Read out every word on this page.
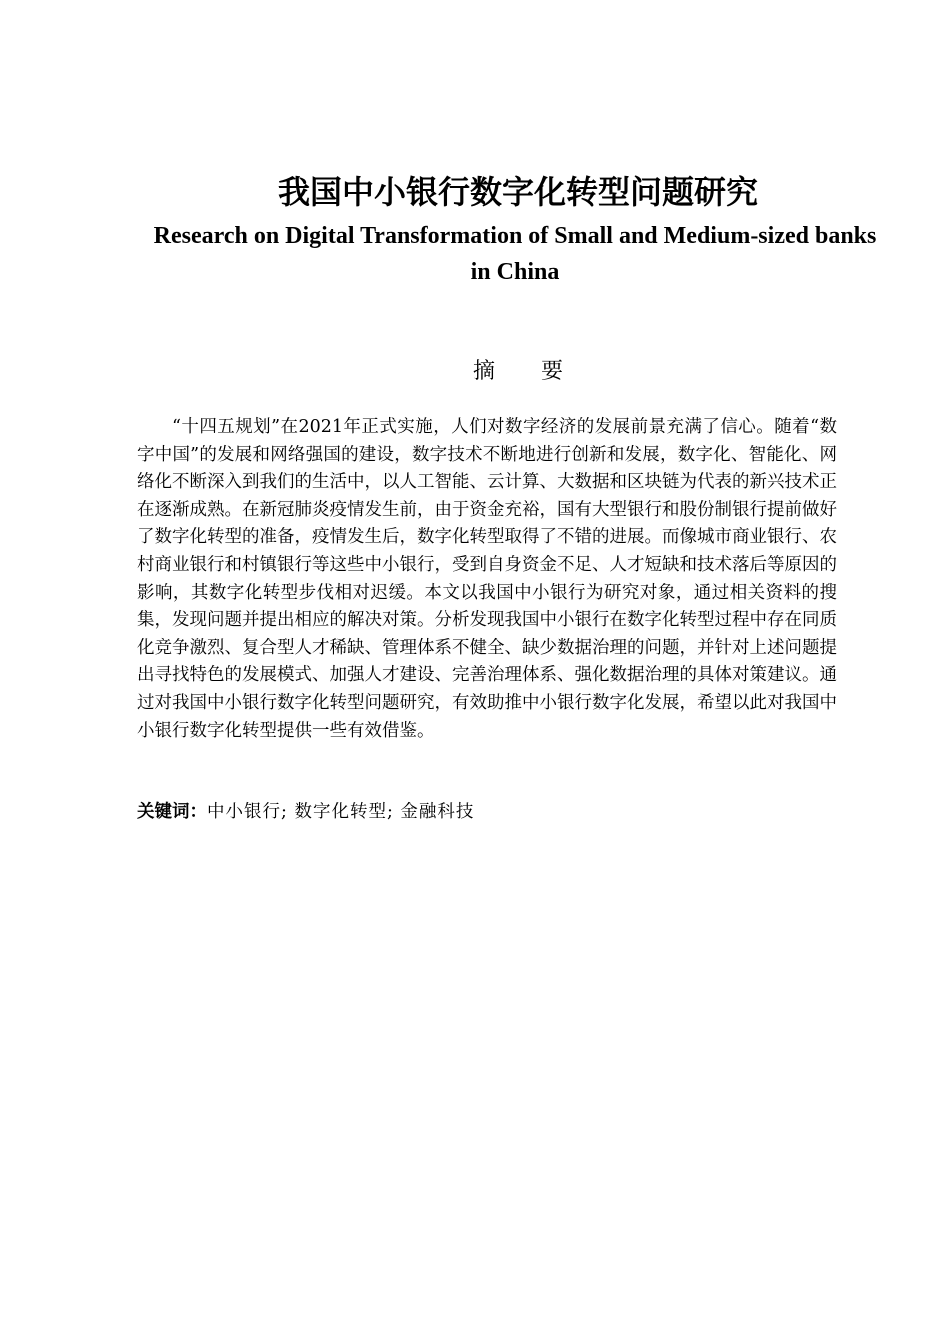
我国中小银行数字化转型问题研究
Research on Digital Transformation of Small and Medium-sized banks in China
摘 要

“十四五规划”在2021年正式实施，人们对数字经济的发展前景充满了信心。随着“数字中国”的发展和网络强国的建设，数字技术不断地进行创新和发展，数字化、智能化、网络化不断深入到我们的生活中，以人工智能、云计算、大数据和区块链为代表的新兴技术正在逐渐成熟。在新冠肺炎疫情发生前，由于资金充裕，国有大型银行和股份制银行提前做好了数字化转型的准备，疫情发生后，数字化转型取得了不错的进展。而像城市商业银行、农村商业银行和村镇银行等这些中小银行，受到自身资金不足、人才短缺和技术落后等原因的影响，其数字化转型步伐相对迟缓。本文以我国中小银行为研究对象，通过相关资料的搜集，发现问题并提出相应的解决对策。分析发现我国中小银行在数字化转型过程中存在同质化竞争激烈、复合型人才稀缺、管理体系不健全、缺少数据治理的问题，并针对上述问题提出寻找特色的发展模式、加强人才建设、完善治理体系、强化数据治理的具体对策建议。通过对我国中小银行数字化转型问题研究，有效助推中小银行数字化发展，希望以此对我国中小银行数字化转型提供一些有效借鉴。

关键词：中小银行; 数字化转型; 金融科技
